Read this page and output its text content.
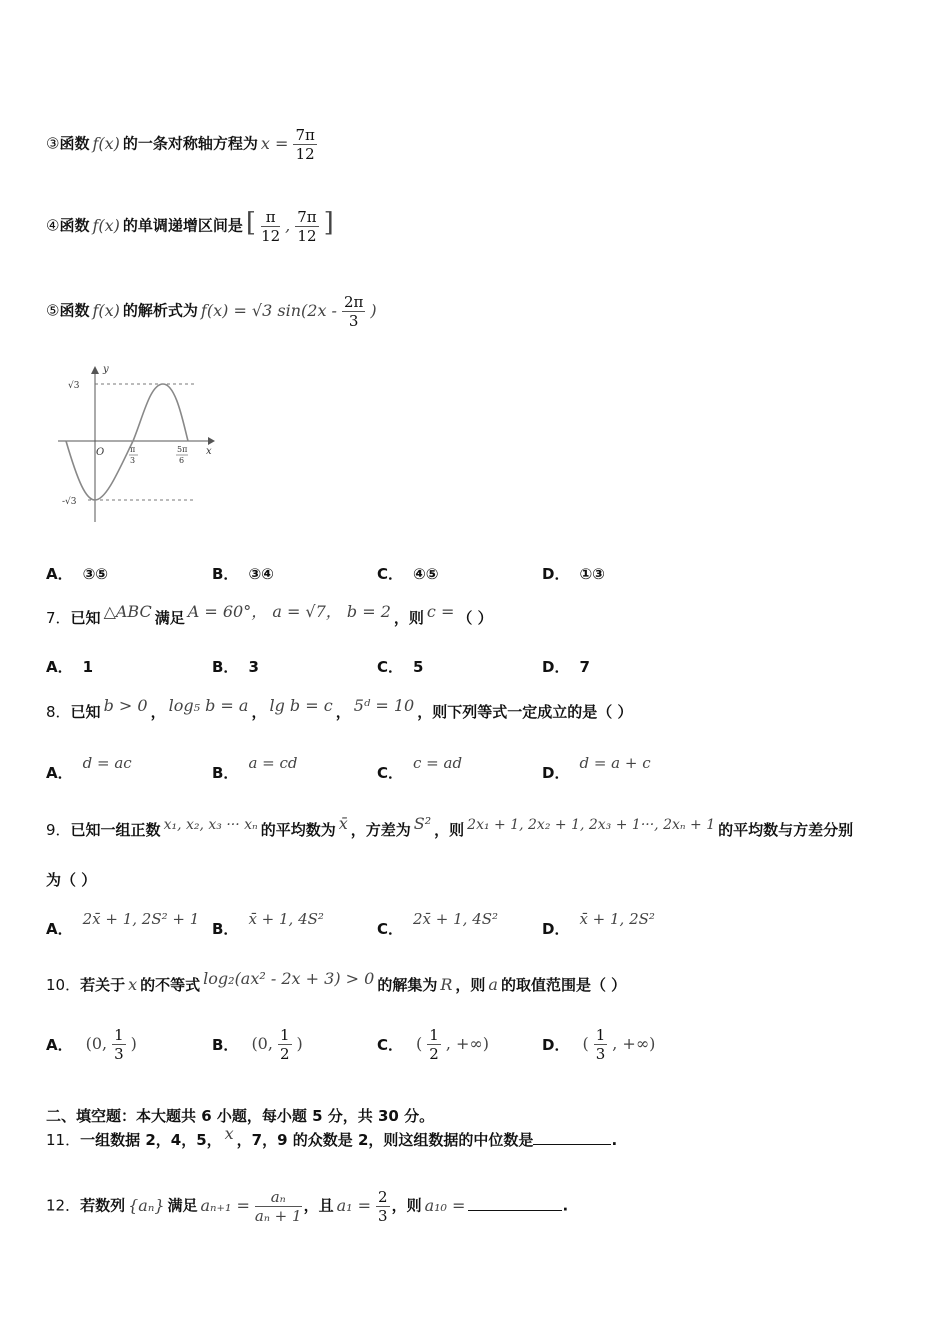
③函数 f(x) 的一条对称轴方程为 $x = \frac{7\pi}{12}$
④函数 f(x) 的单调递增区间是 [ $\frac{\pi}{12}$ , $\frac{7\pi}{12}$ ]
⑤函数 f(x) 的解析式为 f(x) = √3 $\sin(2x - \frac{2\pi}{3}$ )
y
x
O
√3
-√3
π
3
5π
6
A． ③⑤	B． ③④	C． ④⑤	D． ①③
7．已知 △ABC 满足 A = 60°， a = √7， b = 2 ，则 c = （ ）
A． 1	B． 3	C． 5	D． 7
8．已知 b > 0 ， log₅ b = a ， lg b = c ， 5ᵈ = 10 ，则下列等式一定成立的是（ ）
A．d = ac
B．a = cd
C．c = ad
D．d = a + c
9．已知一组正数 x₁, x₂, x₃ ··· xₙ 的平均数为 x̄ ，方差为 S² ，则 2x₁ + 1, 2x₂ + 1, 2x₃ + 1···, 2xₙ + 1 的平均数与方差分别
为（ ）
A．2x̄ + 1, 2S² + 1
B．x̄ + 1, 4S²
C．2x̄ + 1, 4S²
D．x̄ + 1, 2S²
10．若关于 x 的不等式 log₂(ax² - 2x + 3) > 0 的解集为 R ，则 a 的取值范围是（ ）
A． (0, $\frac{1}{3}$ )	B． (0, $\frac{1}{2}$ )	C． ( $\frac{1}{2}$ , +∞)	D． ( $\frac{1}{3}$ , +∞)
二、填空题：本大题共 6 小题，每小题 5 分，共 30 分。
11．一组数据 2，4，5， x ，7，9 的众数是 2，则这组数据的中位数是	.
12．若数列 {aₙ} 满足 $a_{n+1} = \frac{\text{aₙ}}{\text{aₙ + 1}}$ ，且 $a_1 = \frac{2}{3}$ ，则 a₁₀ =	.
